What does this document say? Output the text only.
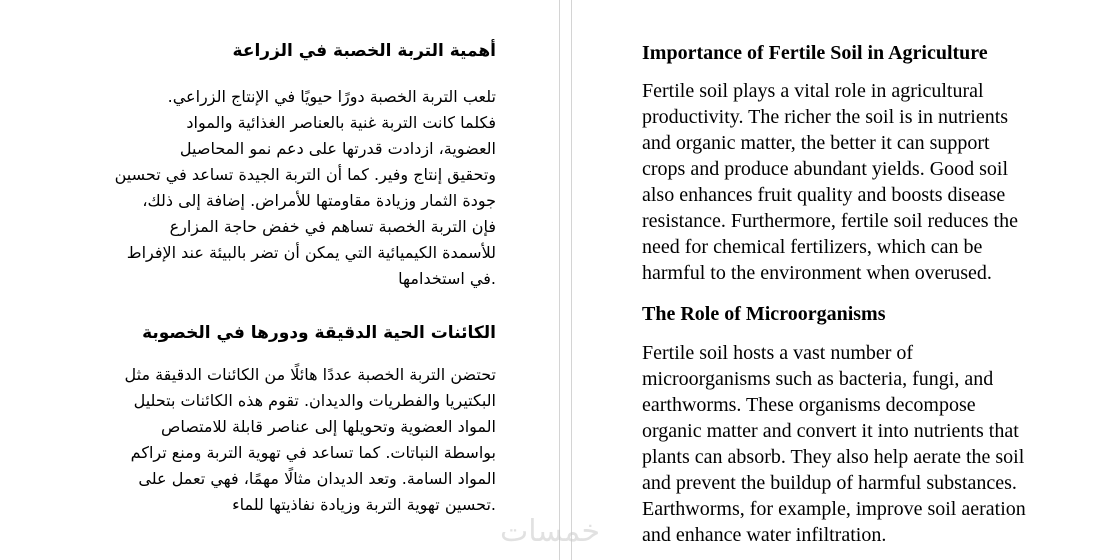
أهمية التربة الخصبة في الزراعة
تلعب التربة الخصبة دورًا حيويًا في الإنتاج الزراعي.
فكلما كانت التربة غنية بالعناصر الغذائية والمواد
العضوية، ازدادت قدرتها على دعم نمو المحاصيل
وتحقيق إنتاج وفير. كما أن التربة الجيدة تساعد في تحسين
جودة الثمار وزيادة مقاومتها للأمراض. إضافة إلى ذلك،
فإن التربة الخصبة تساهم في خفض حاجة المزارع
للأسمدة الكيميائية التي يمكن أن تضر بالبيئة عند الإفراط
.في استخدامها
الكائنات الحية الدقيقة ودورها في الخصوبة
تحتضن التربة الخصبة عددًا هائلًا من الكائنات الدقيقة مثل
البكتيريا والفطريات والديدان. تقوم هذه الكائنات بتحليل
المواد العضوية وتحويلها إلى عناصر قابلة للامتصاص
بواسطة النباتات. كما تساعد في تهوية التربة ومنع تراكم
المواد السامة. وتعد الديدان مثالًا مهمًا، فهي تعمل على
.تحسين تهوية التربة وزيادة نفاذيتها للماء
Importance of Fertile Soil in Agriculture
Fertile soil plays a vital role in agricultural
productivity. The richer the soil is in nutrients
and organic matter, the better it can support
crops and produce abundant yields. Good soil
also enhances fruit quality and boosts disease
resistance. Furthermore, fertile soil reduces the
need for chemical fertilizers, which can be
harmful to the environment when overused.
The Role of Microorganisms
Fertile soil hosts a vast number of
microorganisms such as bacteria, fungi, and
earthworms. These organisms decompose
organic matter and convert it into nutrients that
plants can absorb. They also help aerate the soil
and prevent the buildup of harmful substances.
Earthworms, for example, improve soil aeration
and enhance water infiltration.
خمسات
